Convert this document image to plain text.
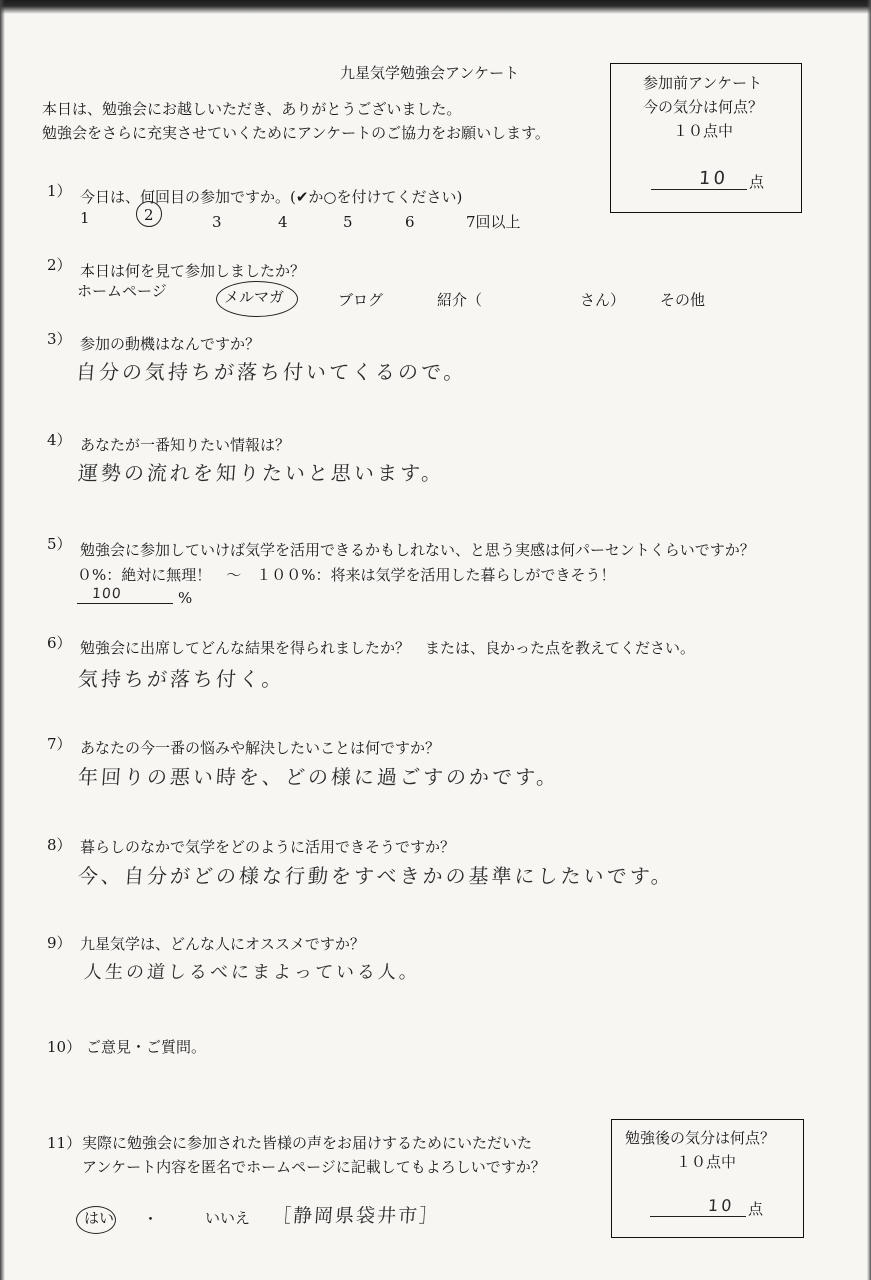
九星気学勉強会アンケート
本日は、勉強会にお越しいただき、ありがとうございました。
勉強会をさらに充実させていくためにアンケートのご協力をお願いします。
参加前アンケート
今の気分は何点？
１０点中
10 点
1） 今日は、何回目の参加ですか。(✔か○を付けてください)
1	2	3	4	5	6	7回以上
2） 本日は何を見て参加しましたか？
ホームページ	メルマガ	ブログ	紹介（	さん） その他
3） 参加の動機はなんですか？
自分の気持ちが落ち付いてくるので。
4） あなたが一番知りたい情報は？
運勢の流れを知りたいと思います。
5） 勉強会に参加していけば気学を活用できるかもしれない、と思う実感は何パーセントくらいですか？
０%：絶対に無理！　～　１００%：将来は気学を活用した暮らしができそう！
100	%
6） 勉強会に出席してどんな結果を得られましたか？　または、良かった点を教えてください。
気持ちが落ち付く。
7） あなたの今一番の悩みや解決したいことは何ですか？
年回りの悪い時を、どの様に過ごすのかです。
8） 暮らしのなかで気学をどのように活用できそうですか？
今、自分がどの様な行動をすべきかの基準にしたいです。
9） 九星気学は、どんな人にオススメですか？
人生の道しるべにまよっている人。
10） ご意見・ご質問。
11） 実際に勉強会に参加された皆様の声をお届けするためにいただいた
アンケート内容を匿名でホームページに記載してもよろしいですか？
はい ・	いいえ ［静岡県袋井市］
勉強後の気分は何点？
１０点中
10 点
